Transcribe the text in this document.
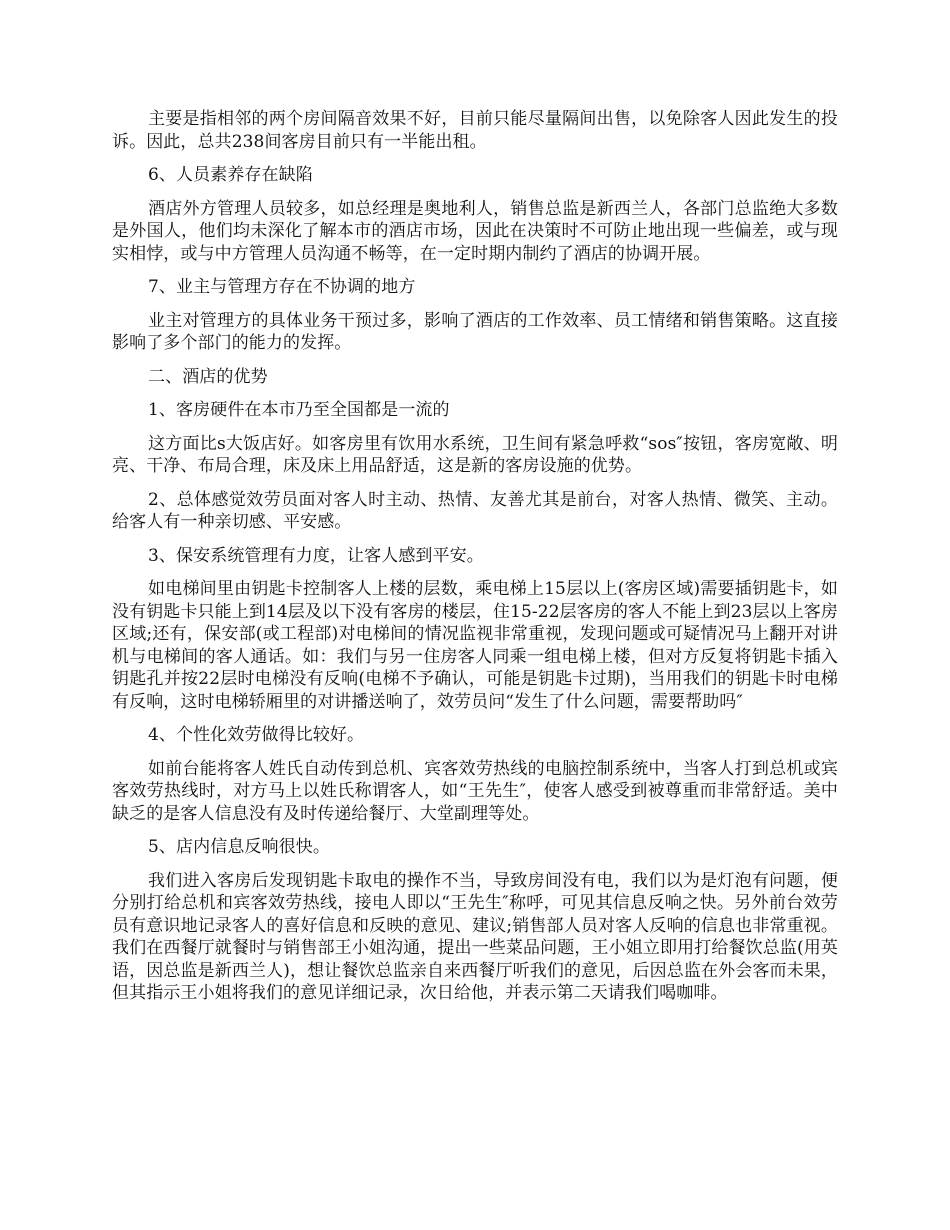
主要是指相邻的两个房间隔音效果不好，目前只能尽量隔间出售，以免除客人因此发生的投诉。因此，总共238间客房目前只有一半能出租。

6、人员素养存在缺陷

酒店外方管理人员较多，如总经理是奥地利人，销售总监是新西兰人，各部门总监绝大多数是外国人，他们均未深化了解本市的酒店市场，因此在决策时不可防止地出现一些偏差，或与现实相悖，或与中方管理人员沟通不畅等，在一定时期内制约了酒店的协调开展。

7、业主与管理方存在不协调的地方

业主对管理方的具体业务干预过多，影响了酒店的工作效率、员工情绪和销售策略。这直接影响了多个部门的能力的发挥。

二、酒店的优势

1、客房硬件在本市乃至全国都是一流的

这方面比s大饭店好。如客房里有饮用水系统，卫生间有紧急呼救“sos″按钮，客房宽敞、明亮、干净、布局合理，床及床上用品舒适，这是新的客房设施的优势。

2、总体感觉效劳员面对客人时主动、热情、友善尤其是前台，对客人热情、微笑、主动。给客人有一种亲切感、平安感。

3、保安系统管理有力度，让客人感到平安。

如电梯间里由钥匙卡控制客人上楼的层数，乘电梯上15层以上(客房区域)需要插钥匙卡，如没有钥匙卡只能上到14层及以下没有客房的楼层，住15-22层客房的客人不能上到23层以上客房区域;还有，保安部(或工程部)对电梯间的情况监视非常重视，发现问题或可疑情况马上翻开对讲机与电梯间的客人通话。如：我们与另一住房客人同乘一组电梯上楼，但对方反复将钥匙卡插入钥匙孔并按22层时电梯没有反响(电梯不予确认，可能是钥匙卡过期)，当用我们的钥匙卡时电梯有反响，这时电梯轿厢里的对讲播送响了，效劳员问“发生了什么问题，需要帮助吗″

4、个性化效劳做得比较好。

如前台能将客人姓氏自动传到总机、宾客效劳热线的电脑控制系统中，当客人打到总机或宾客效劳热线时，对方马上以姓氏称谓客人，如“王先生″，使客人感受到被尊重而非常舒适。美中缺乏的是客人信息没有及时传递给餐厅、大堂副理等处。

5、店内信息反响很快。

我们进入客房后发现钥匙卡取电的操作不当，导致房间没有电，我们以为是灯泡有问题，便分别打给总机和宾客效劳热线，接电人即以“王先生″称呼，可见其信息反响之快。另外前台效劳员有意识地记录客人的喜好信息和反映的意见、建议;销售部人员对客人反响的信息也非常重视。我们在西餐厅就餐时与销售部王小姐沟通，提出一些菜品问题，王小姐立即用打给餐饮总监(用英语，因总监是新西兰人)，想让餐饮总监亲自来西餐厅听我们的意见，后因总监在外会客而未果，但其指示王小姐将我们的意见详细记录，次日给他，并表示第二天请我们喝咖啡。
